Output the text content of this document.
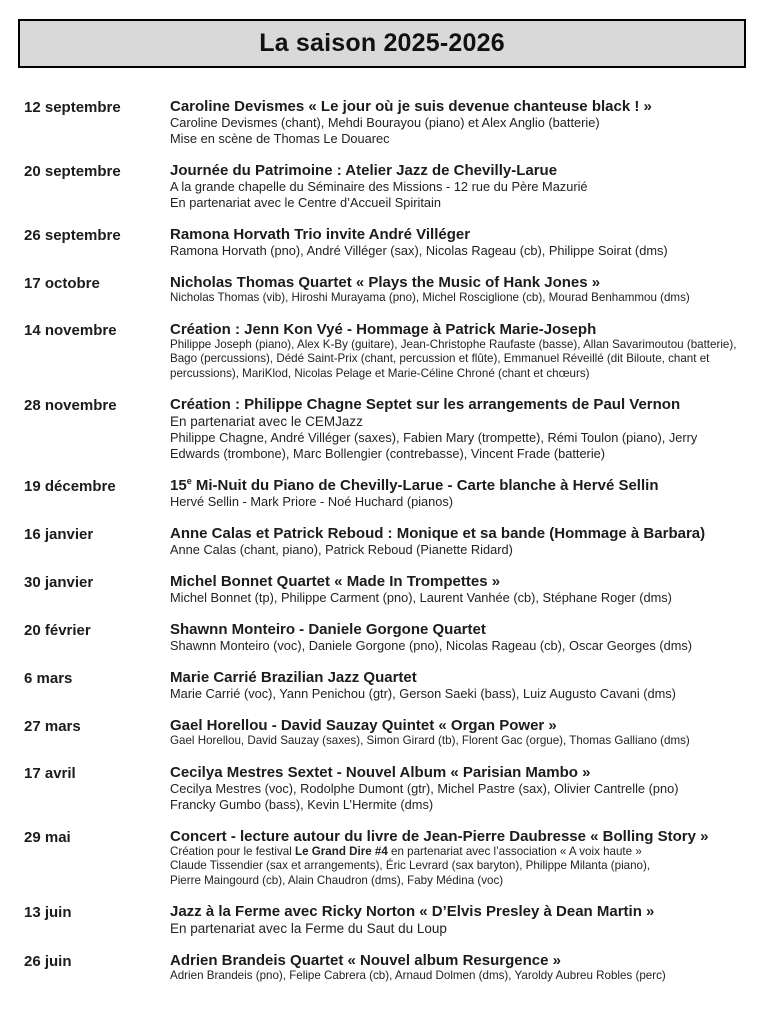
La saison 2025-2026
12 septembre	Caroline Devismes « Le jour où je suis devenue chanteuse black ! »
Caroline Devismes (chant), Mehdi Bourayou (piano) et Alex Anglio (batterie)
Mise en scène de Thomas Le Douarec
20 septembre	Journée du Patrimoine : Atelier Jazz de Chevilly-Larue
A la grande chapelle du Séminaire des Missions - 12 rue du Père Mazurié
En partenariat avec le Centre d’Accueil Spiritain
26 septembre	Ramona Horvath Trio invite André Villéger
Ramona Horvath (pno), André Villéger (sax), Nicolas Rageau (cb), Philippe Soirat (dms)
17 octobre	Nicholas Thomas Quartet « Plays the Music of Hank Jones »
Nicholas Thomas (vib), Hiroshi Murayama (pno), Michel Rosciglione (cb), Mourad Benhammou (dms)
14 novembre	Création : Jenn Kon Vyé - Hommage à Patrick Marie-Joseph
Philippe Joseph (piano), Alex K-By (guitare), Jean-Christophe Raufaste (basse), Allan Savarimoutou (batterie), Bago (percussions), Dédé Saint-Prix (chant, percussion et flûte), Emmanuel Réveillé (dit Biloute, chant et percussions), MariKlod, Nicolas Pelage et Marie-Céline Chroné (chant et chœurs)
28 novembre	Création : Philippe Chagne Septet sur les arrangements de Paul Vernon
En partenariat avec le CEMJazz
Philippe Chagne, André Villéger (saxes), Fabien Mary (trompette), Rémi Toulon (piano), Jerry Edwards (trombone), Marc Bollengier (contrebasse), Vincent Frade (batterie)
19 décembre	15e Mi-Nuit du Piano de Chevilly-Larue - Carte blanche à Hervé Sellin
Hervé Sellin - Mark Priore - Noé Huchard (pianos)
16 janvier	Anne Calas et Patrick Reboud : Monique et sa bande (Hommage à Barbara)
Anne Calas (chant, piano), Patrick Reboud (Pianette Ridard)
30 janvier	Michel Bonnet Quartet « Made In Trompettes »
Michel Bonnet (tp), Philippe Carment (pno), Laurent Vanhée (cb), Stéphane Roger (dms)
20 février	Shawnn Monteiro - Daniele Gorgone Quartet
Shawnn Monteiro (voc), Daniele Gorgone (pno), Nicolas Rageau (cb), Oscar Georges (dms)
6 mars	Marie Carrié Brazilian Jazz Quartet
Marie Carrié (voc), Yann Penichou (gtr), Gerson Saeki (bass), Luiz Augusto Cavani (dms)
27 mars	Gael Horellou - David Sauzay Quintet « Organ Power »
Gael Horellou, David Sauzay (saxes), Simon Girard (tb), Florent Gac (orgue), Thomas Galliano (dms)
17 avril	Cecilya Mestres Sextet - Nouvel Album « Parisian Mambo »
Cecilya Mestres (voc), Rodolphe Dumont (gtr), Michel Pastre (sax), Olivier Cantrelle (pno)
Francky Gumbo (bass), Kevin L’Hermite (dms)
29 mai	Concert - lecture autour du livre de Jean-Pierre Daubresse « Bolling Story »
Création pour le festival Le Grand Dire #4 en partenariat avec l’association « A voix haute »
Claude Tissendier (sax et arrangements), Éric Levrard (sax baryton), Philippe Milanta (piano),
Pierre Maingourd (cb), Alain Chaudron (dms), Faby Médina (voc)
13 juin	Jazz à la Ferme avec Ricky Norton « D’Elvis Presley à Dean Martin »
En partenariat avec la Ferme du Saut du Loup
26 juin	Adrien Brandeis Quartet « Nouvel album Resurgence »
Adrien Brandeis (pno), Felipe Cabrera (cb), Arnaud Dolmen (dms), Yaroldy Aubreu Robles (perc)
